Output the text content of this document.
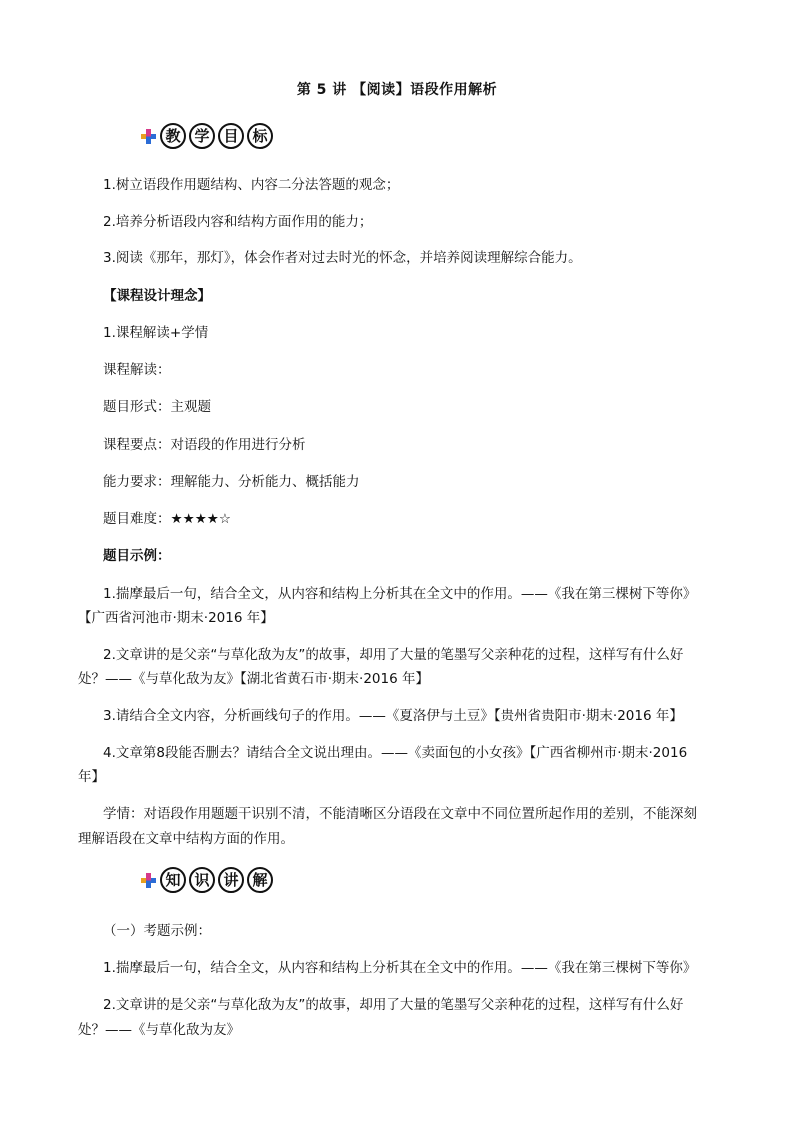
第 5 讲 【阅读】语段作用解析
教 学 目 标
1.树立语段作用题结构、内容二分法答题的观念；
2.培养分析语段内容和结构方面作用的能力；
3.阅读《那年，那灯》，体会作者对过去时光的怀念，并培养阅读理解综合能力。
【课程设计理念】
1.课程解读+学情
课程解读：
题目形式：主观题
课程要点：对语段的作用进行分析
能力要求：理解能力、分析能力、概括能力
题目难度：★★★★☆
题目示例：
1.揣摩最后一句，结合全文，从内容和结构上分析其在全文中的作用。——《我在第三棵树下等你》
【广西省河池市·期末·2016 年】
2.文章讲的是父亲“与草化敌为友”的故事，却用了大量的笔墨写父亲种花的过程，这样写有什么好
处？——《与草化敌为友》【湖北省黄石市·期末·2016 年】
3.请结合全文内容，分析画线句子的作用。——《夏洛伊与土豆》【贵州省贵阳市·期末·2016 年】
4.文章第8段能否删去？请结合全文说出理由。——《卖面包的小女孩》【广西省柳州市·期末·2016
年】
学情：对语段作用题题干识别不清，不能清晰区分语段在文章中不同位置所起作用的差别，不能深刻
理解语段在文章中结构方面的作用。
知 识 讲 解
（一）考题示例：
1.揣摩最后一句，结合全文，从内容和结构上分析其在全文中的作用。——《我在第三棵树下等你》
2.文章讲的是父亲“与草化敌为友”的故事，却用了大量的笔墨写父亲种花的过程，这样写有什么好
处？——《与草化敌为友》
